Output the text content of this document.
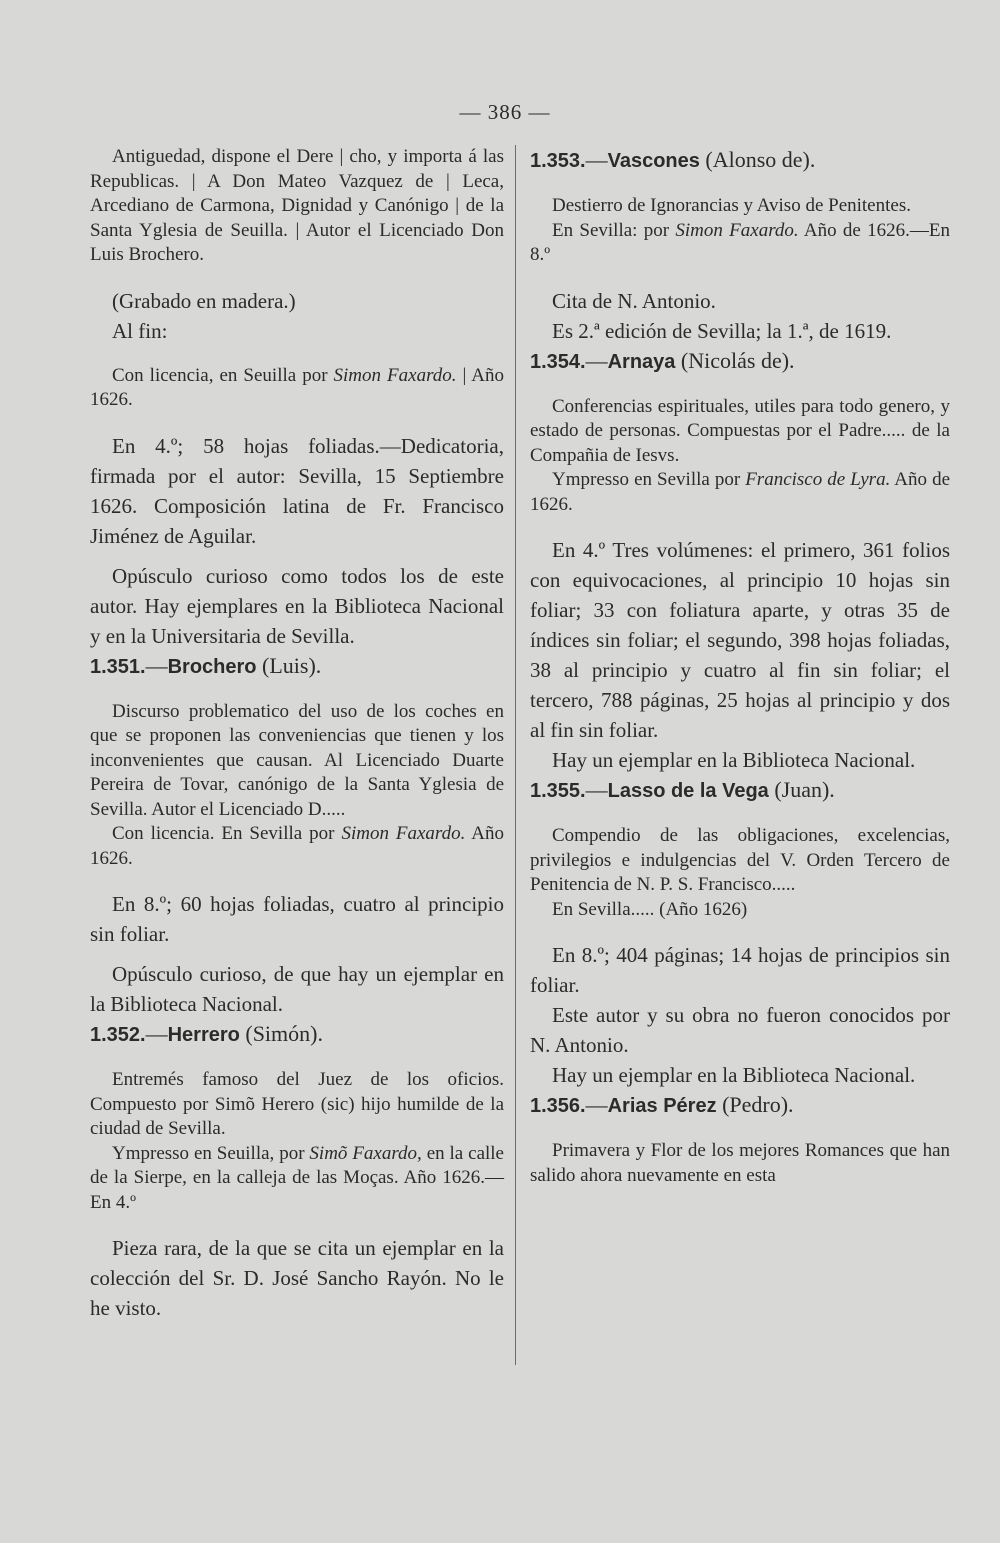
— 386 —

Antiguedad, dispone el Dere | cho, y importa á las Republicas. | A Don Mateo Vazquez de | Leca, Arcediano de Carmona, Dignidad y Canónigo | de la Santa Yglesia de Seuilla. | Autor el Licenciado Don Luis Brochero.

(Grabado en madera.)

Al fin:

Con licencia, en Seuilla por Simon Faxardo. | Año 1626.

En 4.º; 58 hojas foliadas.—Dedicatoria, firmada por el autor: Sevilla, 15 Septiembre 1626. Composición latina de Fr. Francisco Jiménez de Aguilar.

Opúsculo curioso como todos los de este autor. Hay ejemplares en la Biblioteca Nacional y en la Universitaria de Sevilla.

1.351.—Brochero (Luis).

Discurso problematico del uso de los coches en que se proponen las conveniencias que tienen y los inconvenientes que causan. Al Licenciado Duarte Pereira de Tovar, canónigo de la Santa Yglesia de Sevilla. Autor el Licenciado D.....

Con licencia. En Sevilla por Simon Faxardo. Año 1626.

En 8.º; 60 hojas foliadas, cuatro al principio sin foliar.

Opúsculo curioso, de que hay un ejemplar en la Biblioteca Nacional.

1.352.—Herrero (Simón).

Entremés famoso del Juez de los oficios. Compuesto por Simõ Herero (sic) hijo humilde de la ciudad de Sevilla.

Ympresso en Seuilla, por Simõ Faxardo, en la calle de la Sierpe, en la calleja de las Moças. Año 1626.—En 4.º

Pieza rara, de la que se cita un ejemplar en la colección del Sr. D. José Sancho Rayón. No le he visto.

1.353.—Vascones (Alonso de).

Destierro de Ignorancias y Aviso de Penitentes.

En Sevilla: por Simon Faxardo. Año de 1626.—En 8.º

Cita de N. Antonio.

Es 2.ª edición de Sevilla; la 1.ª, de 1619.

1.354.—Arnaya (Nicolás de).

Conferencias espirituales, utiles para todo genero, y estado de personas. Compuestas por el Padre..... de la Compañia de Iesvs.

Ympresso en Sevilla por Francisco de Lyra. Año de 1626.

En 4.º Tres volúmenes: el primero, 361 folios con equivocaciones, al principio 10 hojas sin foliar; 33 con foliatura aparte, y otras 35 de índices sin foliar; el segundo, 398 hojas foliadas, 38 al principio y cuatro al fin sin foliar; el tercero, 788 páginas, 25 hojas al principio y dos al fin sin foliar.

Hay un ejemplar en la Biblioteca Nacional.

1.355.—Lasso de la Vega (Juan).

Compendio de las obligaciones, excelencias, privilegios e indulgencias del V. Orden Tercero de Penitencia de N. P. S. Francisco.....

En Sevilla..... (Año 1626)

En 8.º; 404 páginas; 14 hojas de principios sin foliar.

Este autor y su obra no fueron conocidos por N. Antonio.

Hay un ejemplar en la Biblioteca Nacional.

1.356.—Arias Pérez (Pedro).

Primavera y Flor de los mejores Romances que han salido ahora nuevamente en esta
